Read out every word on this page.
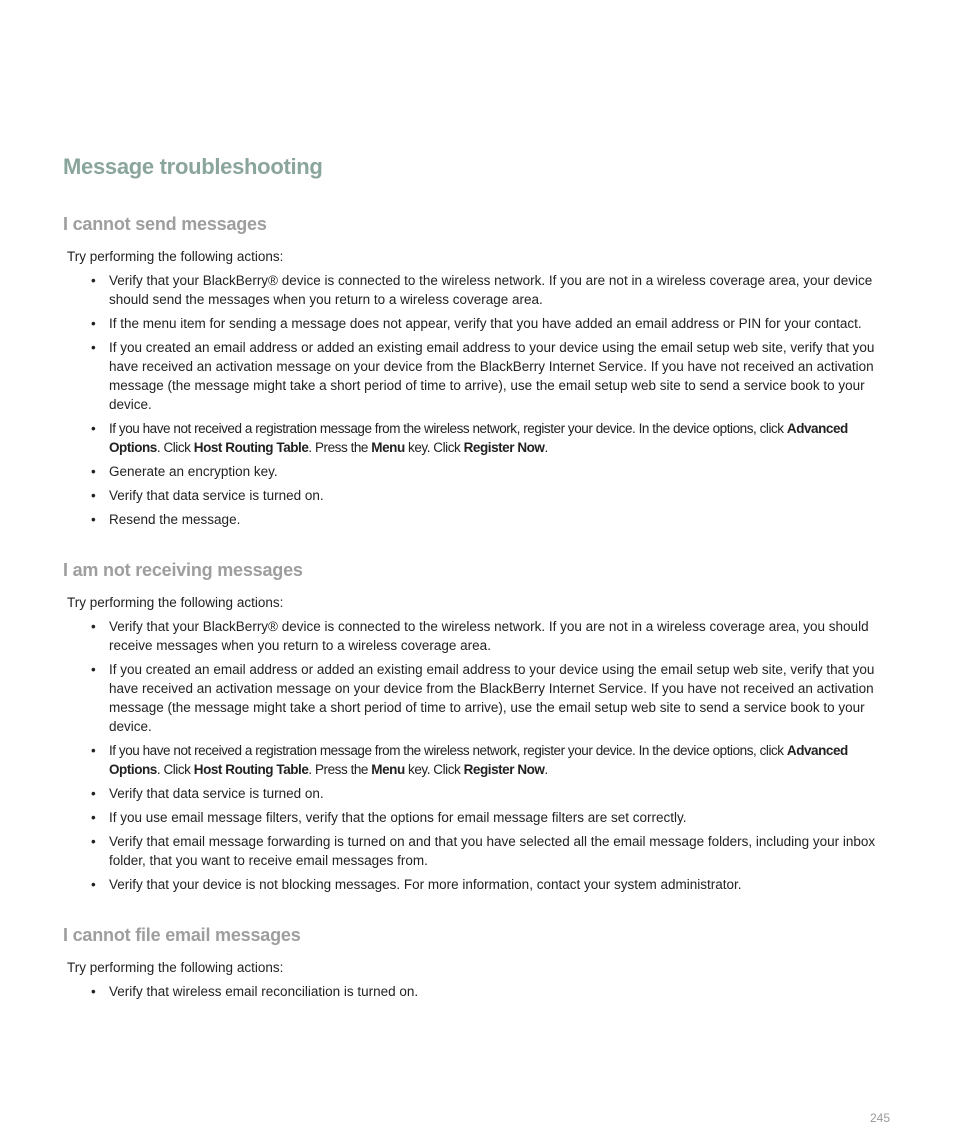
Message troubleshooting
I cannot send messages

Try performing the following actions:

• Verify that your BlackBerry® device is connected to the wireless network. If you are not in a wireless coverage area, your device should send the messages when you return to a wireless coverage area.
• If the menu item for sending a message does not appear, verify that you have added an email address or PIN for your contact.
• If you created an email address or added an existing email address to your device using the email setup web site, verify that you have received an activation message on your device from the BlackBerry Internet Service. If you have not received an activation message (the message might take a short period of time to arrive), use the email setup web site to send a service book to your device.
• If you have not received a registration message from the wireless network, register your device. In the device options, click Advanced Options. Click Host Routing Table. Press the Menu key. Click Register Now.
• Generate an encryption key.
• Verify that data service is turned on.
• Resend the message.
I am not receiving messages

Try performing the following actions:

• Verify that your BlackBerry® device is connected to the wireless network. If you are not in a wireless coverage area, you should receive messages when you return to a wireless coverage area.
• If you created an email address or added an existing email address to your device using the email setup web site, verify that you have received an activation message on your device from the BlackBerry Internet Service. If you have not received an activation message (the message might take a short period of time to arrive), use the email setup web site to send a service book to your device.
• If you have not received a registration message from the wireless network, register your device. In the device options, click Advanced Options. Click Host Routing Table. Press the Menu key. Click Register Now.
• Verify that data service is turned on.
• If you use email message filters, verify that the options for email message filters are set correctly.
• Verify that email message forwarding is turned on and that you have selected all the email message folders, including your inbox folder, that you want to receive email messages from.
• Verify that your device is not blocking messages. For more information, contact your system administrator.
I cannot file email messages

Try performing the following actions:

• Verify that wireless email reconciliation is turned on.
245
